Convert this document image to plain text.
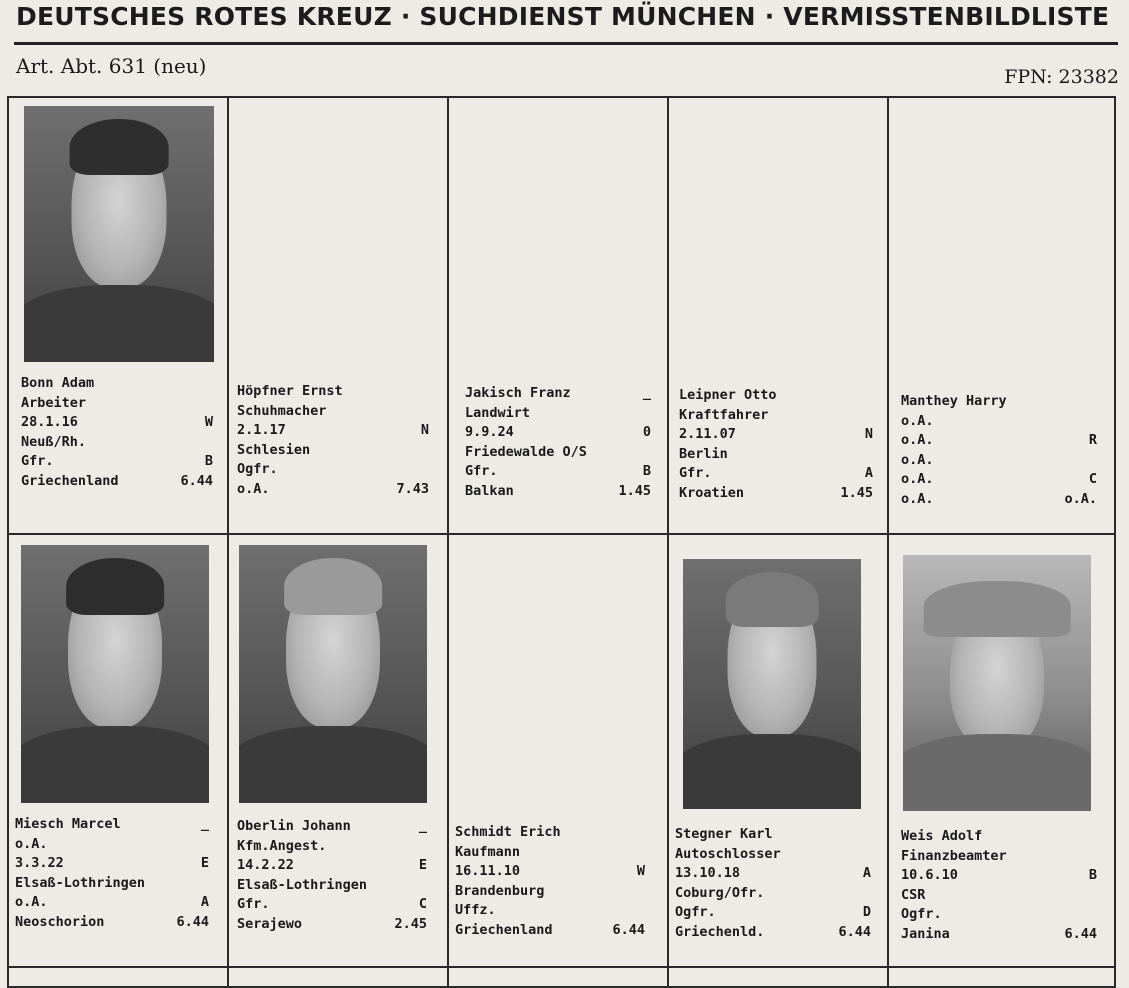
DEUTSCHES ROTES KREUZ · SUCHDIENST MÜNCHEN · VERMISSTENBILDLISTE
Art. Abt. 631 (neu)	FPN: 23382
Bonn Adam
Arbeiter
28.1.16	W
Neuß/Rh.
Gfr.	B
Griechenland	6.44
Höpfner Ernst
Schuhmacher
2.1.17	N
Schlesien
Ogfr.
o.A.	7.43
Jakisch Franz	_
Landwirt
9.9.24	0
Friedewalde O/S
Gfr.	B
Balkan	1.45
Leipner Otto
Kraftfahrer
2.11.07	N
Berlin
Gfr.	A
Kroatien	1.45
Manthey Harry
o.A.
o.A.	R
o.A.
o.A.	C
o.A.	o.A.
Miesch Marcel	_
o.A.
3.3.22	E
Elsaß-Lothringen
o.A.	A
Neoschorion	6.44
Oberlin Johann	_
Kfm.Angest.
14.2.22	E
Elsaß-Lothringen
Gfr.	C
Serajewo	2.45
Schmidt Erich
Kaufmann
16.11.10	W
Brandenburg
Uffz.
Griechenland	6.44
Stegner Karl
Autoschlosser
13.10.18	A
Coburg/Ofr.
Ogfr.	D
Griechenld.	6.44
Weis Adolf
Finanzbeamter
10.6.10	B
CSR
Ogfr.
Janina	6.44
